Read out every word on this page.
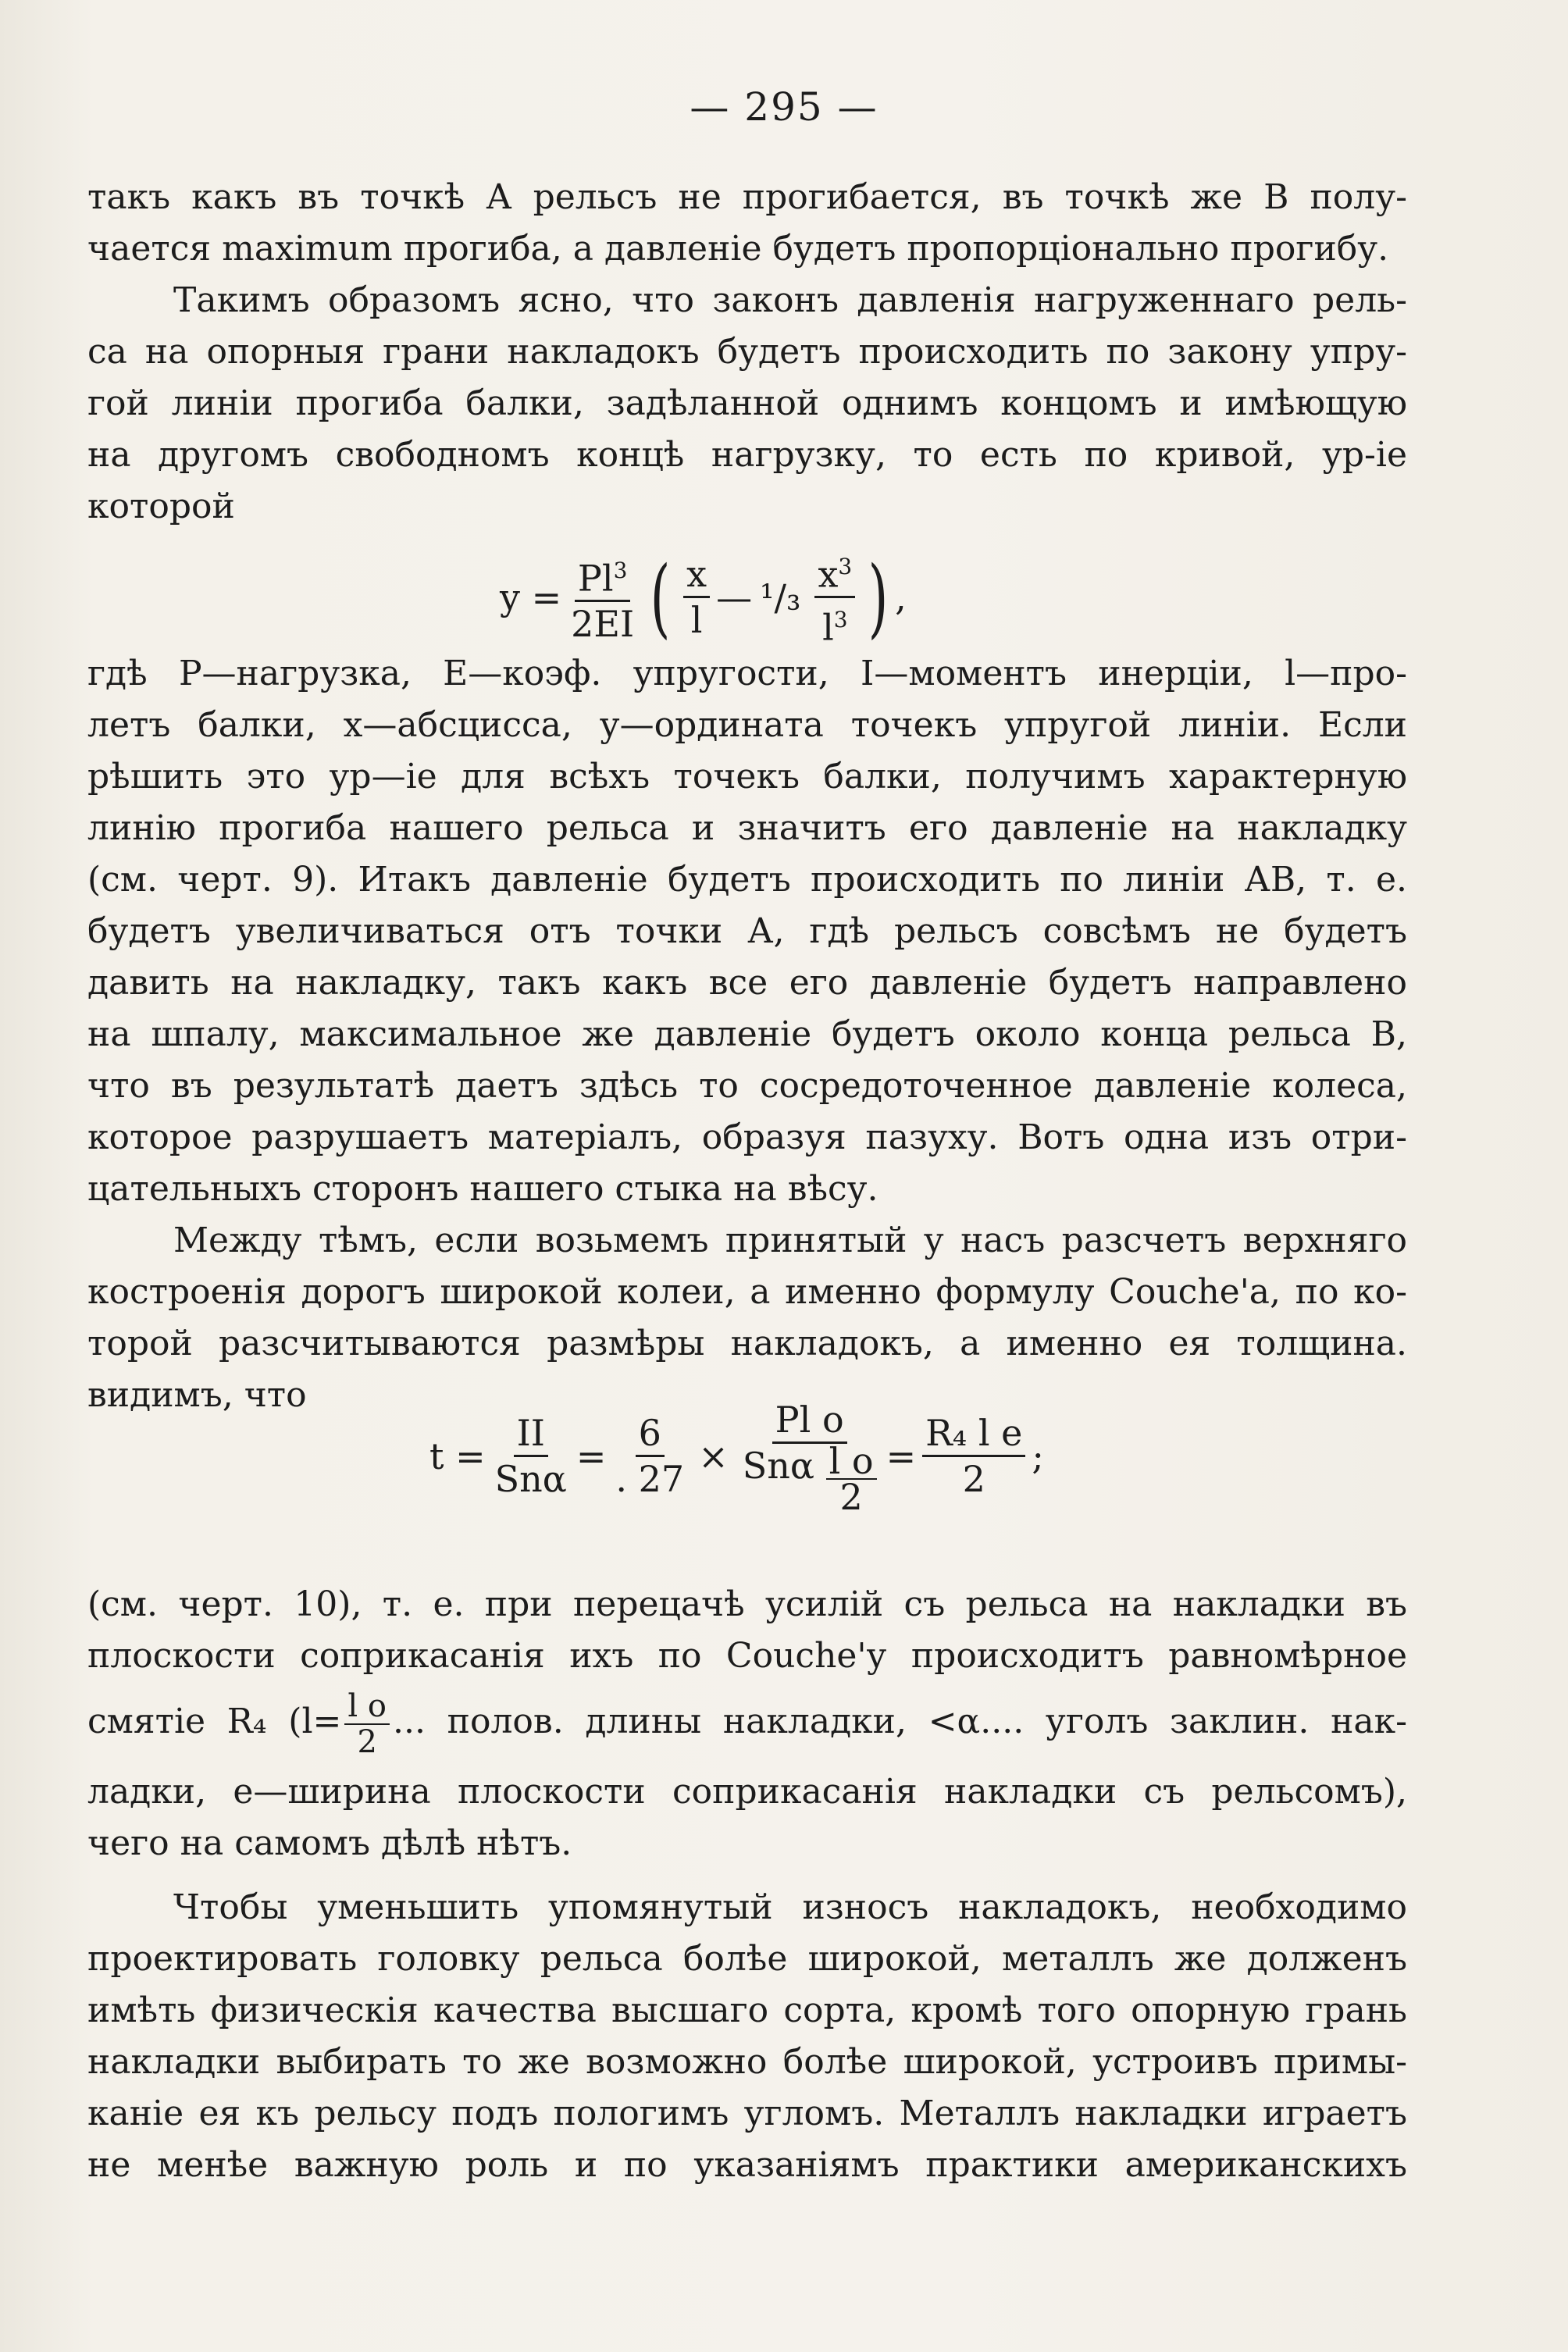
— 295 —
такъ какъ въ точкѣ А рельсъ не прогибается, въ точкѣ же В полу-
чается maximum прогиба, а давленіе будетъ пропорціонально прогибу.
Такимъ образомъ ясно, что законъ давленія нагруженнаго рель-
са на опорныя грани накладокъ будетъ происходить по закону упру-
гой линіи прогиба балки, задѣланной однимъ концомъ и имѣющую
на другомъ свободномъ концѣ нагрузку, то есть по кривой, ур-іе
которой
$y = \frac{Pl^3}{2EI}$ ( $\frac{x}{l}$ — $^1/_3 \frac{x^3}{l^3}$ ) ,
гдѣ Р—нагрузка, Е—коэф. упругости, I—моментъ инерціи, l—про-
летъ балки, х—абсцисса, у—ордината точекъ упругой линіи. Если
рѣшить это ур—іе для всѣхъ точекъ балки, получимъ характерную
линію прогиба нашего рельса и значитъ его давленіе на накладку
(см. черт. 9). Итакъ давленіе будетъ происходить по линіи АВ, т. е.
будетъ увеличиваться отъ точки А, гдѣ рельсъ совсѣмъ не будетъ
давить на накладку, такъ какъ все его давленіе будетъ направлено
на шпалу, максимальное же давленіе будетъ около конца рельса В,
что въ результатѣ даетъ здѣсь то сосредоточенное давленіе колеса,
которое разрушаетъ матеріалъ, образуя пазуху. Вотъ одна изъ отри-
цательныхъ сторонъ нашего стыка на вѣсу.
Между тѣмъ, если возьмемъ принятый у насъ разсчетъ верхняго
костроенія дорогъ широкой колеи, а именно формулу Couche'а, по ко-
торой разсчитываются размѣры накладокъ, а именно ея толщина.
видимъ, что
$t = \frac{II}{\text{Snα}} = \frac{6}{. 27} \times \frac{\text{Pl o}}{Sn\alpha \frac{\text{l o}}{2}} = \frac{\text{R₄ l e}}{2}$ ;
(см. черт. 10), т. е. при перецачѣ усилій съ рельса на накладки въ
плоскости соприкасанія ихъ по Couche'у происходитъ равномѣрное
смятіе R₄ ($l= \frac{\text{l o}}{2}$ ... полов. длины накладки, <α.... уголъ заклин. нак-
ладки, е—ширина плоскости соприкасанія накладки съ рельсомъ),
чего на самомъ дѣлѣ нѣтъ.
Чтобы уменьшить упомянутый износъ накладокъ, необходимо
проектировать головку рельса болѣе широкой, металлъ же долженъ
имѣть физическія качества высшаго сорта, кромѣ того опорную грань
накладки выбирать то же возможно болѣе широкой, устроивъ примы-
каніе ея къ рельсу подъ пологимъ угломъ. Металлъ накладки играетъ
не менѣе важную роль и по указаніямъ практики американскихъ
